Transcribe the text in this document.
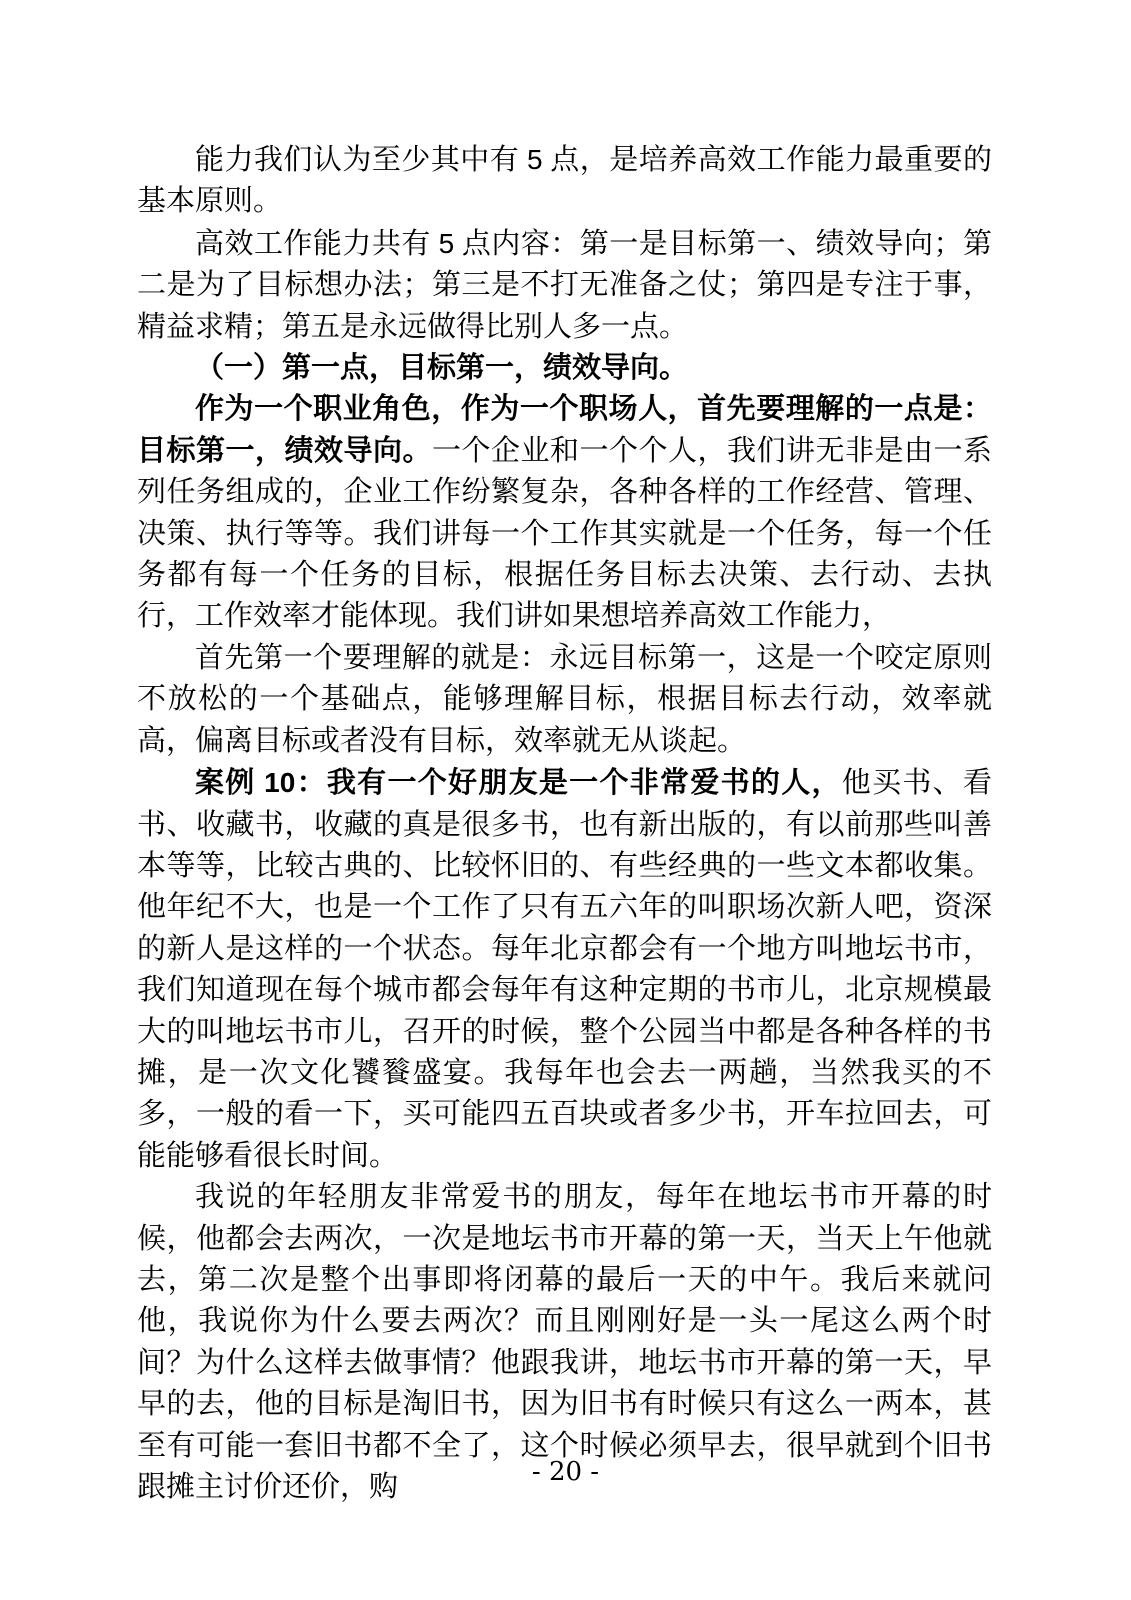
能力我们认为至少其中有 5 点，是培养高效工作能力最重要的基本原则。

高效工作能力共有 5 点内容：第一是目标第一、绩效导向；第二是为了目标想办法；第三是不打无准备之仗；第四是专注于事，精益求精；第五是永远做得比别人多一点。

（一）第一点，目标第一，绩效导向。

作为一个职业角色，作为一个职场人，首先要理解的一点是：目标第一，绩效导向。一个企业和一个个人，我们讲无非是由一系列任务组成的，企业工作纷繁复杂，各种各样的工作经营、管理、决策、执行等等。我们讲每一个工作其实就是一个任务，每一个任务都有每一个任务的目标，根据任务目标去决策、去行动、去执行，工作效率才能体现。我们讲如果想培养高效工作能力，

首先第一个要理解的就是：永远目标第一，这是一个咬定原则不放松的一个基础点，能够理解目标，根据目标去行动，效率就高，偏离目标或者没有目标，效率就无从谈起。

案例 10：我有一个好朋友是一个非常爱书的人，他买书、看书、收藏书，收藏的真是很多书，也有新出版的，有以前那些叫善本等等，比较古典的、比较怀旧的、有些经典的一些文本都收集。他年纪不大，也是一个工作了只有五六年的叫职场次新人吧，资深的新人是这样的一个状态。每年北京都会有一个地方叫地坛书市，我们知道现在每个城市都会每年有这种定期的书市儿，北京规模最大的叫地坛书市儿，召开的时候，整个公园当中都是各种各样的书摊，是一次文化饕餮盛宴。我每年也会去一两趟，当然我买的不多，一般的看一下，买可能四五百块或者多少书，开车拉回去，可能能够看很长时间。

我说的年轻朋友非常爱书的朋友，每年在地坛书市开幕的时候，他都会去两次，一次是地坛书市开幕的第一天，当天上午他就去，第二次是整个出事即将闭幕的最后一天的中午。我后来就问他，我说你为什么要去两次？而且刚刚好是一头一尾这么两个时间？为什么这样去做事情？他跟我讲，地坛书市开幕的第一天，早早的去，他的目标是淘旧书，因为旧书有时候只有这么一两本，甚至有可能一套旧书都不全了，这个时候必须早去，很早就到个旧书跟摊主讨价还价，购	- 20 -
